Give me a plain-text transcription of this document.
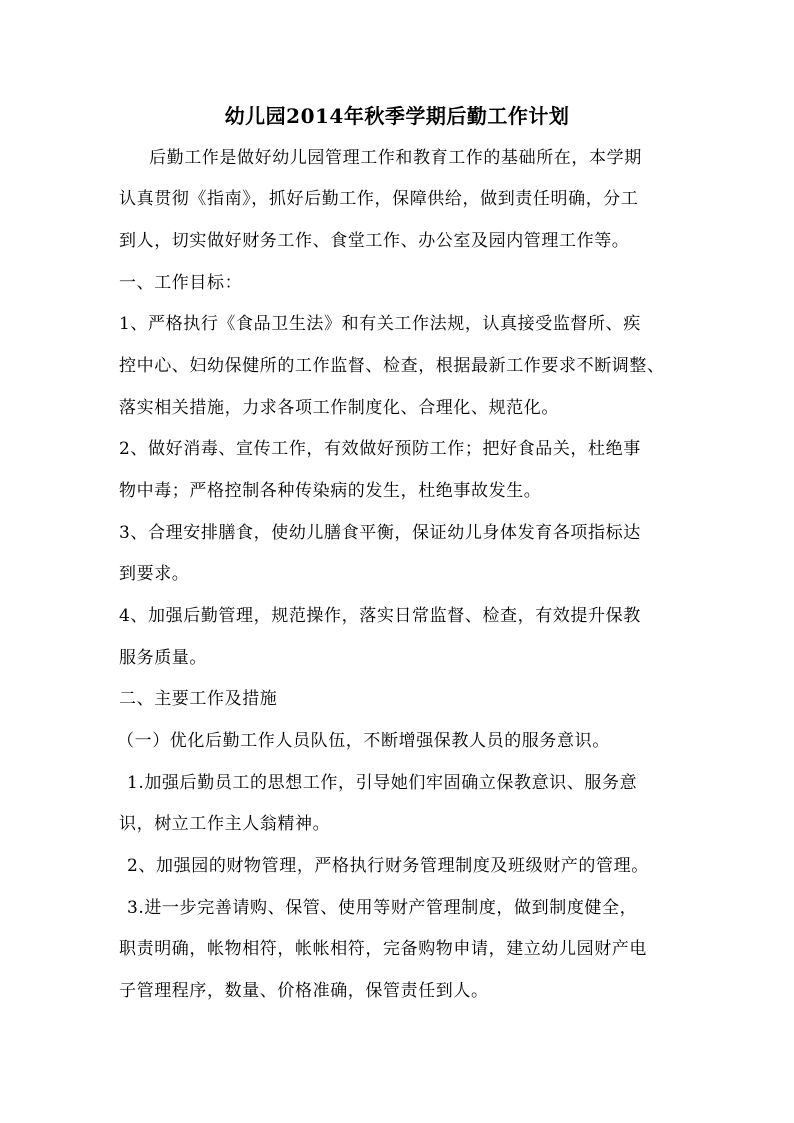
幼儿园2014年秋季学期后勤工作计划
后勤工作是做好幼儿园管理工作和教育工作的基础所在，本学期
认真贯彻《指南》，抓好后勤工作，保障供给，做到责任明确，分工
到人，切实做好财务工作、食堂工作、办公室及园内管理工作等。
一、工作目标：
1、严格执行《食品卫生法》和有关工作法规，认真接受监督所、疾
控中心、妇幼保健所的工作监督、检查，根据最新工作要求不断调整、
落实相关措施，力求各项工作制度化、合理化、规范化。
2、做好消毒、宣传工作，有效做好预防工作；把好食品关，杜绝事
物中毒；严格控制各种传染病的发生，杜绝事故发生。
3、合理安排膳食，使幼儿膳食平衡，保证幼儿身体发育各项指标达
到要求。
4、加强后勤管理，规范操作，落实日常监督、检查，有效提升保教
服务质量。
二、主要工作及措施
（一）优化后勤工作人员队伍，不断增强保教人员的服务意识。
1.加强后勤员工的思想工作，引导她们牢固确立保教意识、服务意
识，树立工作主人翁精神。
2、加强园的财物管理，严格执行财务管理制度及班级财产的管理。
3.进一步完善请购、保管、使用等财产管理制度，做到制度健全，
职责明确，帐物相符，帐帐相符，完备购物申请，建立幼儿园财产电
子管理程序，数量、价格准确，保管责任到人。
